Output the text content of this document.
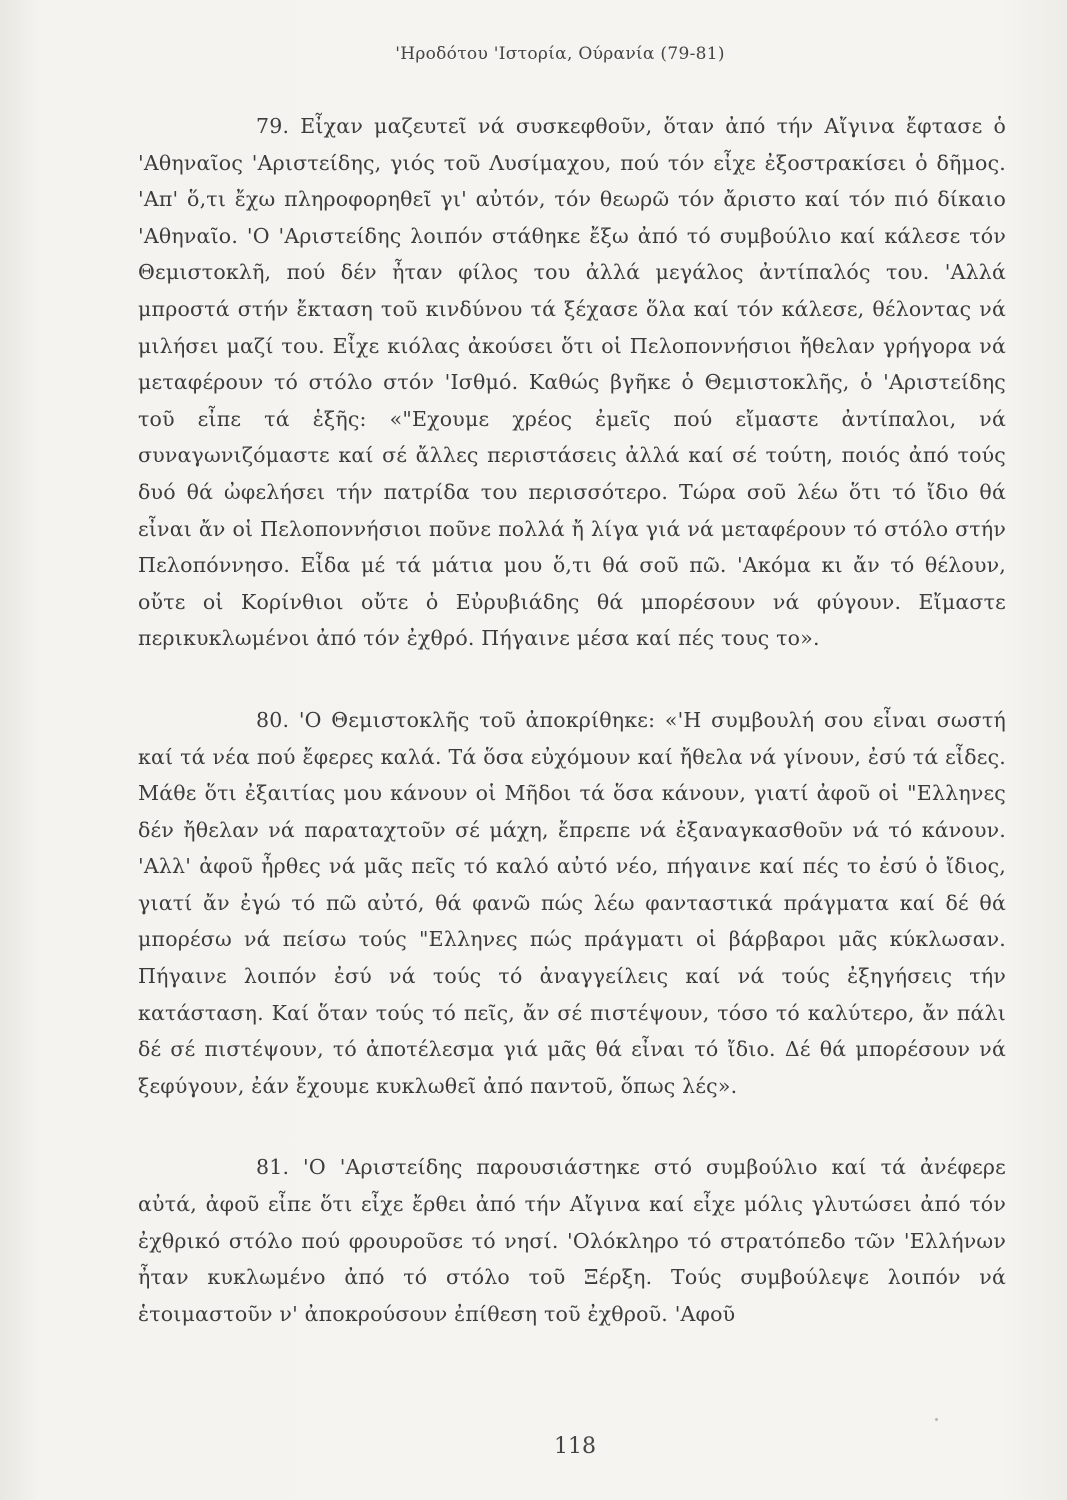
'Ηροδότου 'Ιστορία, Ούρανία (79-81)

79. Εἶχαν μαζευτεῖ νά συσκεφθοῦν, ὅταν ἀπό τήν Αἴγινα ἔφτασε ὁ 'Αθηναῖος 'Αριστείδης, γιός τοῦ Λυσίμαχου, πού τόν εἶχε ἐξοστρακίσει ὁ δῆμος. 'Απ' ὅ,τι ἔχω πληροφορηθεῖ γι' αὐτόν, τόν θεωρῶ τόν ἄριστο καί τόν πιό δίκαιο 'Αθηναῖο. 'Ο 'Αριστείδης λοιπόν στάθηκε ἔξω ἀπό τό συμβούλιο καί κάλεσε τόν Θεμιστοκλῆ, πού δέν ἦταν φίλος του ἀλλά μεγάλος ἀντίπαλός του. 'Αλλά μπροστά στήν ἔκταση τοῦ κινδύνου τά ξέχασε ὅλα καί τόν κάλεσε, θέλοντας νά μιλήσει μαζί του. Εἶχε κιόλας ἀκούσει ὅτι οἱ Πελοποννήσιοι ἤθελαν γρήγορα νά μεταφέρουν τό στόλο στόν 'Ισθμό. Καθώς βγῆκε ὁ Θεμιστοκλῆς, ὁ 'Αριστείδης τοῦ εἶπε τά ἑξῆς: «"Εχουμε χρέος ἐμεῖς πού εἴμαστε ἀντίπαλοι, νά συναγωνιζόμαστε καί σέ ἄλλες περιστάσεις ἀλλά καί σέ τούτη, ποιός ἀπό τούς δυό θά ὠφελήσει τήν πατρίδα του περισσότερο. Τώρα σοῦ λέω ὅτι τό ἴδιο θά εἶναι ἄν οἱ Πελοποννήσιοι ποῦνε πολλά ἤ λίγα γιά νά μεταφέρουν τό στόλο στήν Πελοπόννησο. Εἶδα μέ τά μάτια μου ὅ,τι θά σοῦ πῶ. 'Ακόμα κι ἄν τό θέλουν, οὔτε οἱ Κορίνθιοι οὔτε ὁ Εὐρυβιάδης θά μπορέσουν νά φύγουν. Εἴμαστε περικυκλωμένοι ἀπό τόν ἐχθρό. Πήγαινε μέσα καί πές τους το».

80. 'Ο Θεμιστοκλῆς τοῦ ἀποκρίθηκε: «'Η συμβουλή σου εἶναι σωστή καί τά νέα πού ἔφερες καλά. Τά ὅσα εὐχόμουν καί ἤθελα νά γίνουν, ἐσύ τά εἶδες. Μάθε ὅτι ἐξαιτίας μου κάνουν οἱ Μῆδοι τά ὅσα κάνουν, γιατί ἀφοῦ οἱ "Ελληνες δέν ἤθελαν νά παραταχτοῦν σέ μάχη, ἔπρεπε νά ἐξαναγκασθοῦν νά τό κάνουν. 'Αλλ' ἀφοῦ ἦρθες νά μᾶς πεῖς τό καλό αὐτό νέο, πήγαινε καί πές το ἐσύ ὁ ἴδιος, γιατί ἄν ἐγώ τό πῶ αὐτό, θά φανῶ πώς λέω φανταστικά πράγματα καί δέ θά μπορέσω νά πείσω τούς "Ελληνες πώς πράγματι οἱ βάρβαροι μᾶς κύκλωσαν. Πήγαινε λοιπόν ἐσύ νά τούς τό ἀναγγείλεις καί νά τούς ἐξηγήσεις τήν κατάσταση. Καί ὅταν τούς τό πεῖς, ἄν σέ πιστέψουν, τόσο τό καλύτερο, ἄν πάλι δέ σέ πιστέψουν, τό ἀποτέλεσμα γιά μᾶς θά εἶναι τό ἴδιο. Δέ θά μπορέσουν νά ξεφύγουν, ἐάν ἔχουμε κυκλωθεῖ ἀπό παντοῦ, ὅπως λές».

81. 'Ο 'Αριστείδης παρουσιάστηκε στό συμβούλιο καί τά ἀνέφερε αὐτά, ἀφοῦ εἶπε ὅτι εἶχε ἔρθει ἀπό τήν Αἴγινα καί εἶχε μόλις γλυτώσει ἀπό τόν ἐχθρικό στόλο πού φρουροῦσε τό νησί. 'Ολόκληρο τό στρατόπεδο τῶν 'Ελλήνων ἦταν κυκλωμένο ἀπό τό στόλο τοῦ Ξέρξη. Τούς συμβούλεψε λοιπόν νά ἑτοιμαστοῦν ν' ἀποκρούσουν ἐπίθεση τοῦ ἐχθροῦ. 'Αφοῦ

118
